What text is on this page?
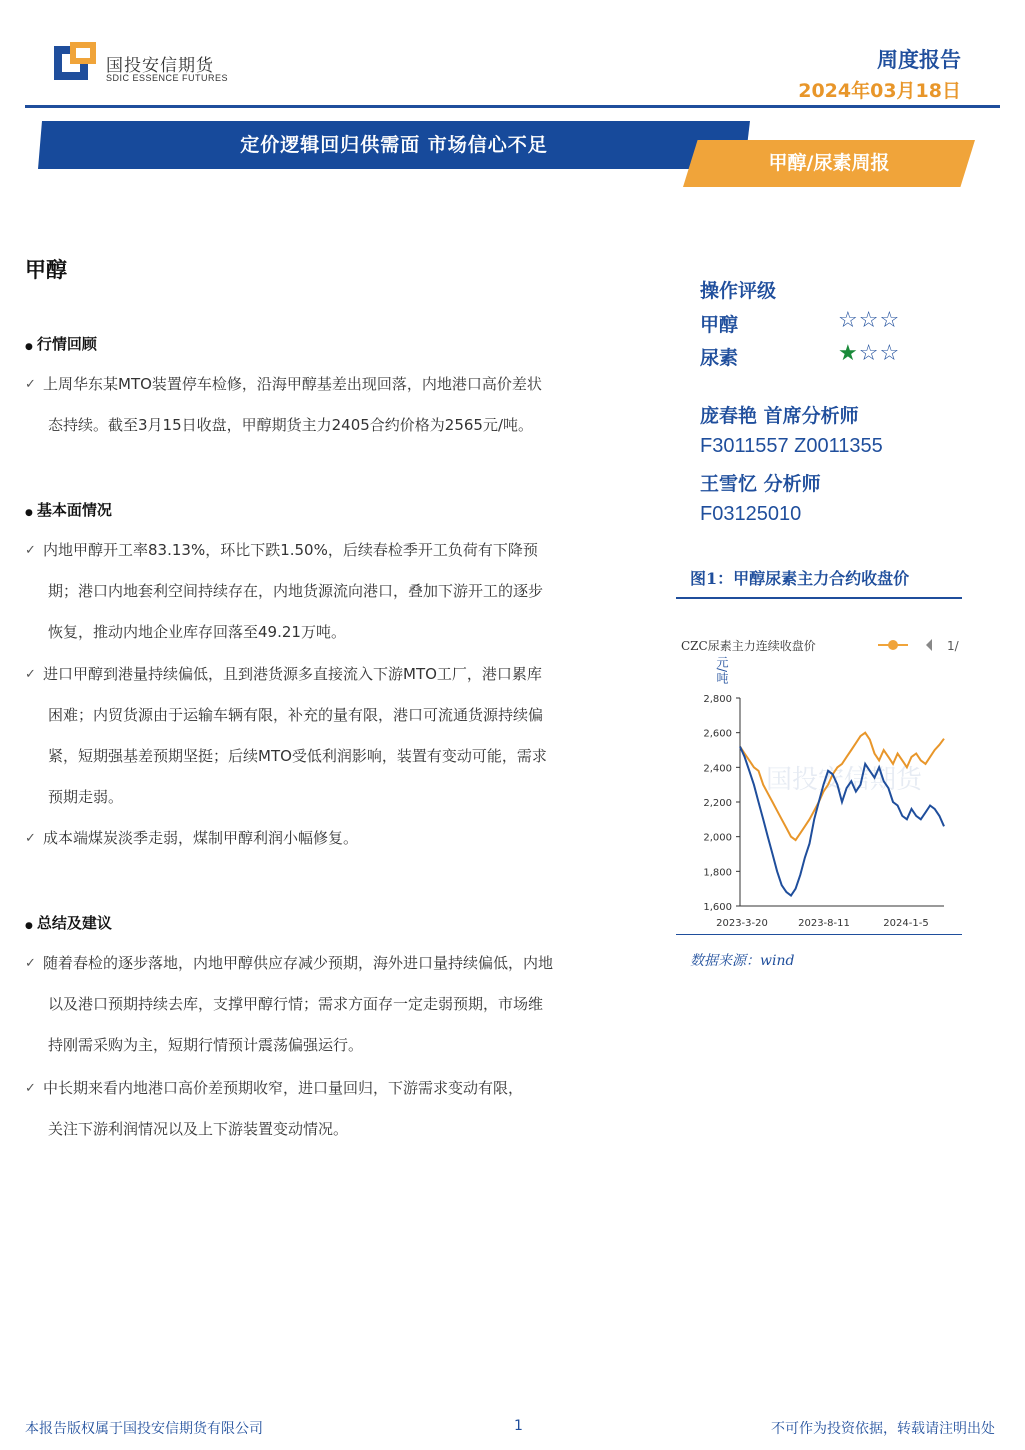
国投安信期货
SDIC ESSENCE FUTURES
周度报告
2024年03月18日
定价逻辑回归供需面 市场信心不足
甲醇/尿素周报
甲醇
● 行情回顾
✓ 上周华东某MTO装置停车检修，沿海甲醇基差出现回落，内地港口高价差状
态持续。截至3月15日收盘，甲醇期货主力2405合约价格为2565元/吨。
● 基本面情况
✓ 内地甲醇开工率83.13%，环比下跌1.50%，后续春检季开工负荷有下降预
期；港口内地套利空间持续存在，内地货源流向港口，叠加下游开工的逐步
恢复，推动内地企业库存回落至49.21万吨。
✓ 进口甲醇到港量持续偏低，且到港货源多直接流入下游MTO工厂，港口累库
困难；内贸货源由于运输车辆有限，补充的量有限，港口可流通货源持续偏
紧，短期强基差预期坚挺；后续MTO受低利润影响，装置有变动可能，需求
预期走弱。
✓ 成本端煤炭淡季走弱，煤制甲醇利润小幅修复。
● 总结及建议
✓ 随着春检的逐步落地，内地甲醇供应存减少预期，海外进口量持续偏低，内地
以及港口预期持续去库，支撑甲醇行情；需求方面存一定走弱预期，市场维
持刚需采购为主，短期行情预计震荡偏强运行。
✓ 中长期来看内地港口高价差预期收窄，进口量回归，下游需求变动有限，
关注下游利润情况以及上下游装置变动情况。
操作评级
甲醇	☆☆☆
尿素	★☆☆
庞春艳 首席分析师
F3011557 Z0011355
王雪忆 分析师
F03125010
图1：甲醇尿素主力合约收盘价
CZC尿素主力连续收盘价	1/
国投安信期货
元/吨
1,600
1,800
2,000
2,200
2,400
2,600
2,800
2023-3-20	2023-8-11	2024-1-5
数据来源：wind
本报告版权属于国投安信期货有限公司	1	不可作为投资依据，转载请注明出处
